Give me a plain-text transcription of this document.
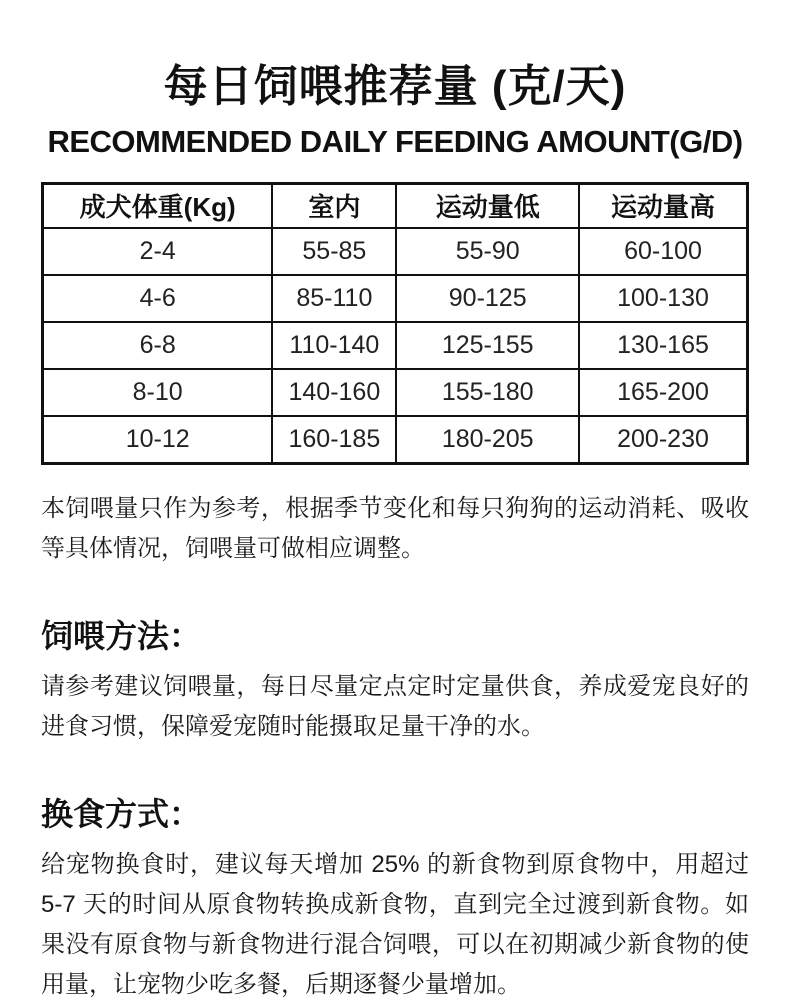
每日饲喂推荐量 (克/天)
RECOMMENDED DAILY FEEDING AMOUNT(G/D)
成犬体重(Kg)	室内	运动量低	运动量高
2-4	55-85	55-90	60-100
4-6	85-110	90-125	100-130
6-8	110-140	125-155	130-165
8-10	140-160	155-180	165-200
10-12	160-185	180-205	200-230

本饲喂量只作为参考，根据季节变化和每只狗狗的运动消耗、吸收等具体情况，饲喂量可做相应调整。

饲喂方法：

请参考建议饲喂量，每日尽量定点定时定量供食，养成爱宠良好的进食习惯，保障爱宠随时能摄取足量干净的水。

换食方式：

给宠物换食时，建议每天增加 25% 的新食物到原食物中，用超过 5-7 天的时间从原食物转换成新食物，直到完全过渡到新食物。如果没有原食物与新食物进行混合饲喂，可以在初期减少新食物的使用量，让宠物少吃多餐，后期逐餐少量增加。
